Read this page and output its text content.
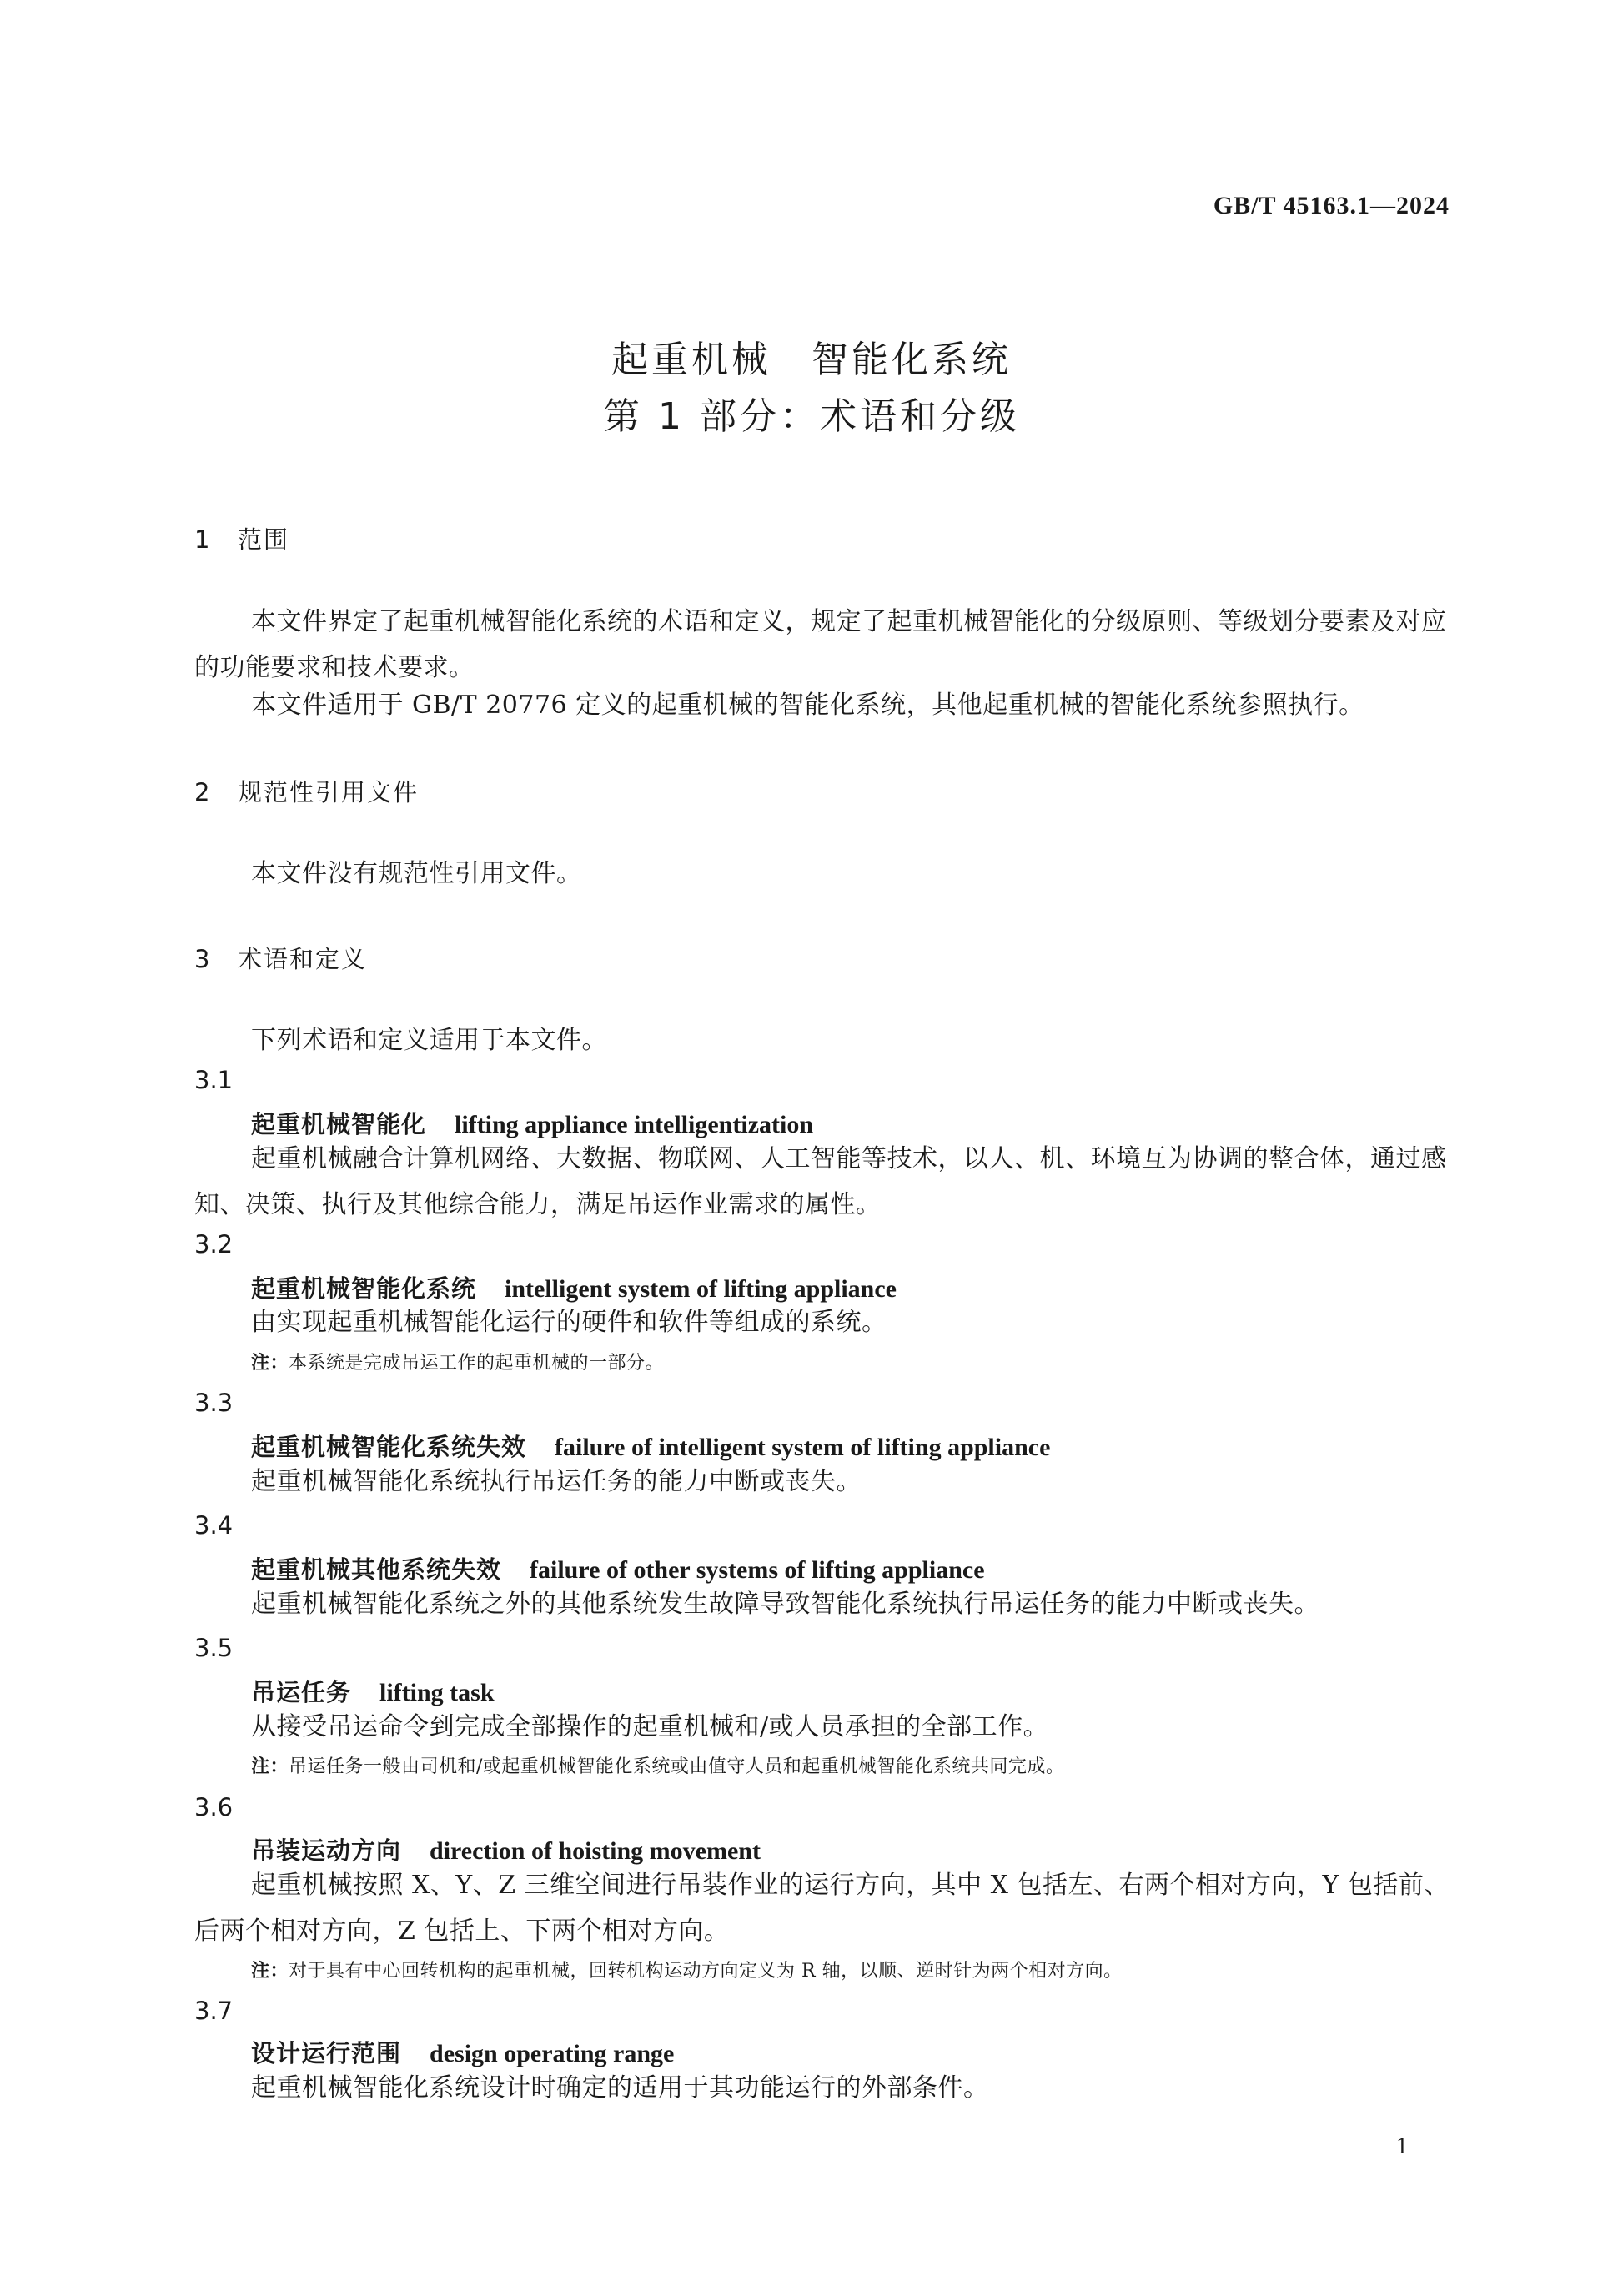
GB/T 45163.1—2024
起重机械　智能化系统
第 1 部分：术语和分级
1 范围
本文件界定了起重机械智能化系统的术语和定义，规定了起重机械智能化的分级原则、等级划分要素及对应的功能要求和技术要求。
本文件适用于 GB/T 20776 定义的起重机械的智能化系统，其他起重机械的智能化系统参照执行。
2 规范性引用文件
本文件没有规范性引用文件。
3 术语和定义
下列术语和定义适用于本文件。
3.1
起重机械智能化 lifting appliance intelligentization
起重机械融合计算机网络、大数据、物联网、人工智能等技术，以人、机、环境互为协调的整合体，通过感知、决策、执行及其他综合能力，满足吊运作业需求的属性。
3.2
起重机械智能化系统 intelligent system of lifting appliance
由实现起重机械智能化运行的硬件和软件等组成的系统。
注：本系统是完成吊运工作的起重机械的一部分。
3.3
起重机械智能化系统失效 failure of intelligent system of lifting appliance
起重机械智能化系统执行吊运任务的能力中断或丧失。
3.4
起重机械其他系统失效 failure of other systems of lifting appliance
起重机械智能化系统之外的其他系统发生故障导致智能化系统执行吊运任务的能力中断或丧失。
3.5
吊运任务 lifting task
从接受吊运命令到完成全部操作的起重机械和/或人员承担的全部工作。
注：吊运任务一般由司机和/或起重机械智能化系统或由值守人员和起重机械智能化系统共同完成。
3.6
吊装运动方向 direction of hoisting movement
起重机械按照 X、Y、Z 三维空间进行吊装作业的运行方向，其中 X 包括左、右两个相对方向，Y 包括前、后两个相对方向，Z 包括上、下两个相对方向。
注：对于具有中心回转机构的起重机械，回转机构运动方向定义为 R 轴，以顺、逆时针为两个相对方向。
3.7
设计运行范围 design operating range
起重机械智能化系统设计时确定的适用于其功能运行的外部条件。
1
